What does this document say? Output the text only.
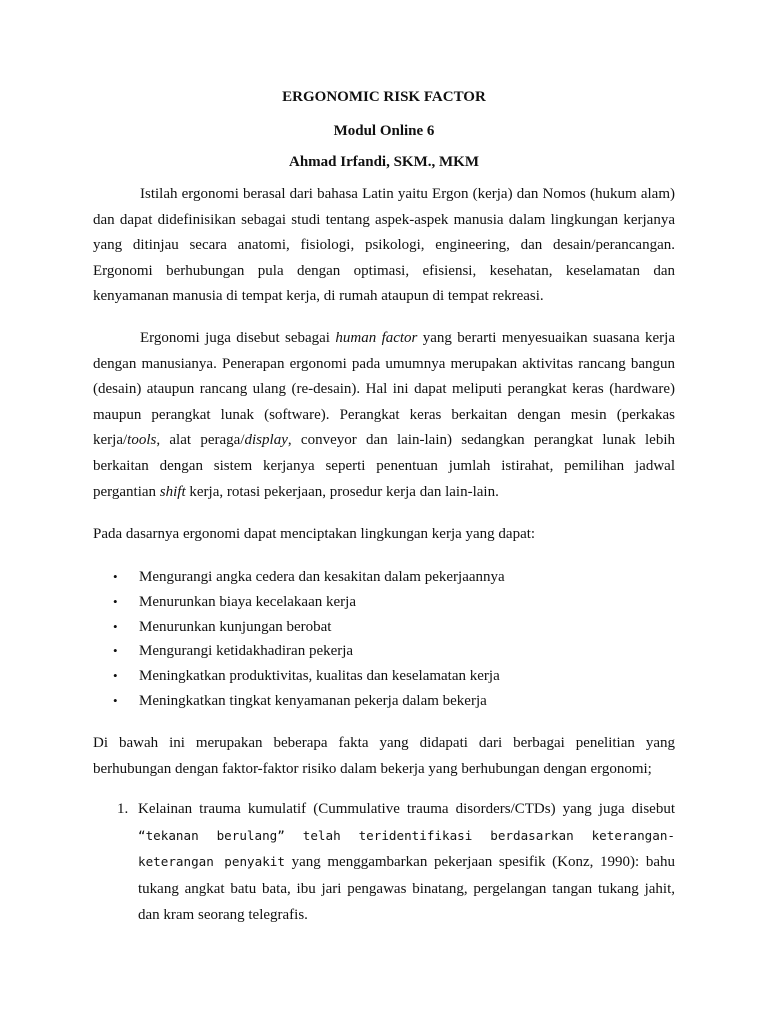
ERGONOMIC RISK FACTOR
Modul Online 6
Ahmad Irfandi, SKM., MKM

Istilah ergonomi berasal dari bahasa Latin yaitu Ergon (kerja) dan Nomos (hukum alam) dan dapat didefinisikan sebagai studi tentang aspek-aspek manusia dalam lingkungan kerjanya yang ditinjau secara anatomi, fisiologi, psikologi, engineering, dan desain/perancangan. Ergonomi berhubungan pula dengan optimasi, efisiensi, kesehatan, keselamatan dan kenyamanan manusia di tempat kerja, di rumah ataupun di tempat rekreasi.

Ergonomi juga disebut sebagai human factor yang berarti menyesuaikan suasana kerja dengan manusianya. Penerapan ergonomi pada umumnya merupakan aktivitas rancang bangun (desain) ataupun rancang ulang (re-desain). Hal ini dapat meliputi perangkat keras (hardware) maupun perangkat lunak (software). Perangkat keras berkaitan dengan mesin (perkakas kerja/tools, alat peraga/display, conveyor dan lain-lain) sedangkan perangkat lunak lebih berkaitan dengan sistem kerjanya seperti penentuan jumlah istirahat, pemilihan jadwal pergantian shift kerja, rotasi pekerjaan, prosedur kerja dan lain-lain.

Pada dasarnya ergonomi dapat menciptakan lingkungan kerja yang dapat:

• Mengurangi angka cedera dan kesakitan dalam pekerjaannya
• Menurunkan biaya kecelakaan kerja
• Menurunkan kunjungan berobat
• Mengurangi ketidakhadiran pekerja
• Meningkatkan produktivitas, kualitas dan keselamatan kerja
• Meningkatkan tingkat kenyamanan pekerja dalam bekerja

Di bawah ini merupakan beberapa fakta yang didapati dari berbagai penelitian yang berhubungan dengan faktor-faktor risiko dalam bekerja yang berhubungan dengan ergonomi;

1. Kelainan trauma kumulatif (Cummulative trauma disorders/CTDs) yang juga disebut “tekanan berulang” telah teridentifikasi berdasarkan keterangan-keterangan penyakit yang menggambarkan pekerjaan spesifik (Konz, 1990): bahu tukang angkat batu bata, ibu jari pengawas binatang, pergelangan tangan tukang jahit, dan kram seorang telegrafis.
